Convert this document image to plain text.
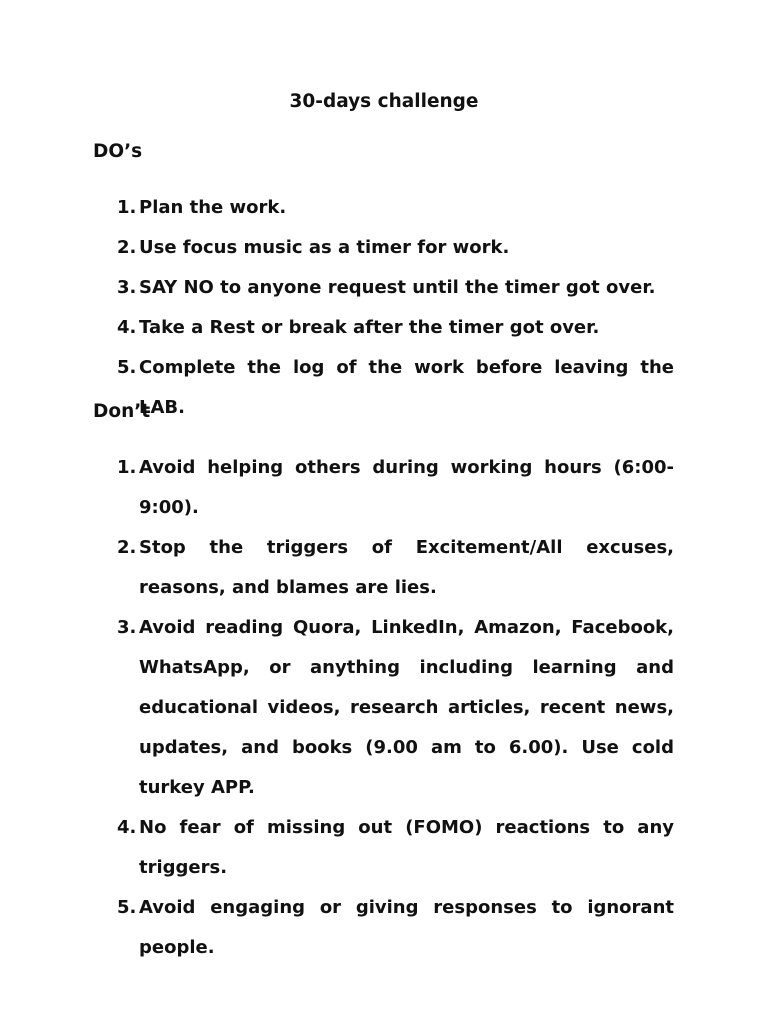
30-days challenge
DO’s
1. Plan the work.
2. Use focus music as a timer for work.
3. SAY NO to anyone request until the timer got over.
4. Take a Rest or break after the timer got over.
5. Complete the log of the work before leaving the LAB.
Don’t
1. Avoid helping others during working hours (6:00-9:00).
2. Stop the triggers of Excitement/All excuses, reasons, and blames are lies.
3. Avoid reading Quora, LinkedIn, Amazon, Facebook, WhatsApp, or anything including learning and educational videos, research articles, recent news, updates, and books (9.00 am to 6.00). Use cold turkey APP.
4. No fear of missing out (FOMO) reactions to any triggers.
5. Avoid engaging or giving responses to ignorant people.
